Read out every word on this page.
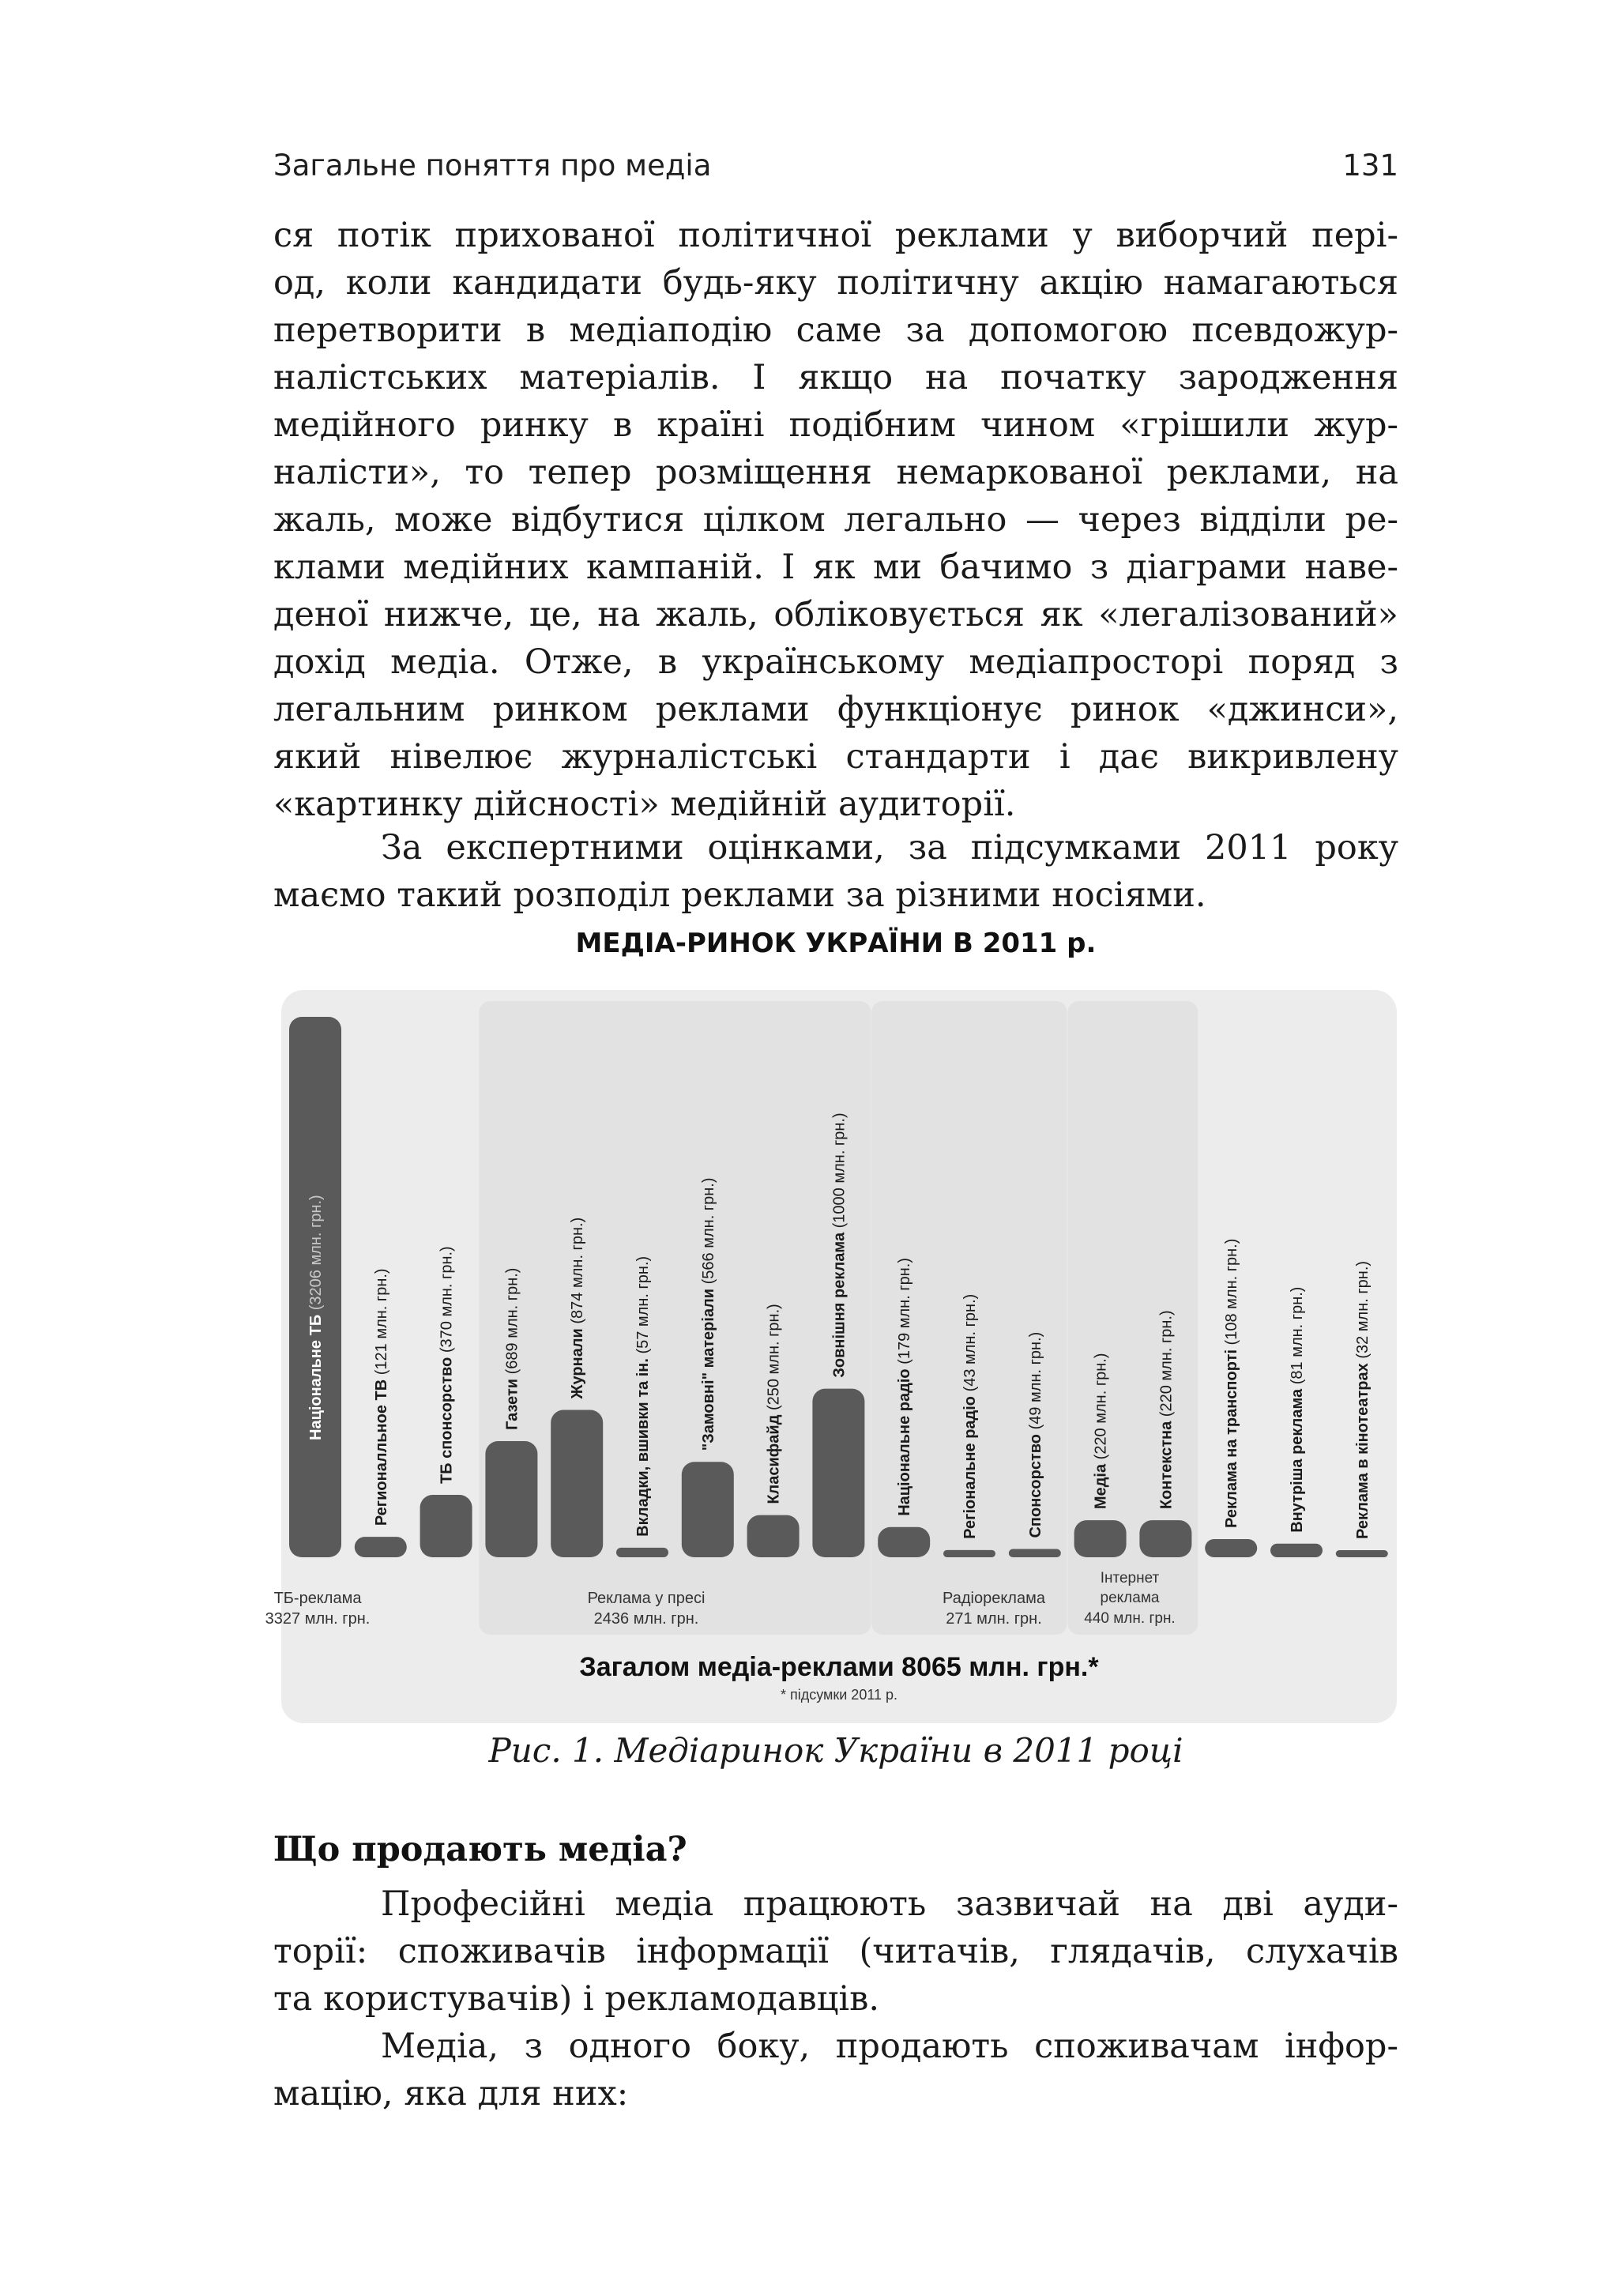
Загальне поняття про медіа	131
ся потік прихованої політичної реклами у виборчий пері-
од, коли кандидати будь-яку політичну акцію намагаються
перетворити в медіаподію саме за допомогою псевдожур-
налістських матеріалів. І якщо на початку зародження
медійного ринку в країні подібним чином «грішили жур-
налісти», то тепер розміщення немаркованої реклами, на
жаль, може відбутися цілком легально — через відділи ре-
клами медійних кампаній. І як ми бачимо з діаграми наве-
деної нижче, це, на жаль, обліковується як «легалізований»
дохід медіа. Отже, в українському медіапросторі поряд з
легальним ринком реклами функціонує ринок «джинси»,
який нівелює журналістські стандарти і дає викривлену
«картинку дійсності» медійній аудиторії.
За експертними оцінками, за підсумками 2011 року
маємо такий розподіл реклами за різними носіями.
МЕДІА-РИНОК УКРАЇНИ В 2011 р.
Національне ТБ (3206 млн. грн.)
Регионалльное ТВ (121 млн. грн.)
ТБ спонсорство (370 млн. грн.)
Газети (689 млн. грн.)	Журнали (874 млн. грн.)
Вкладки, вшивки та ін. (57 млн. грн.)	"Замовні" матеріали (566 млн. грн.)
Класифайд (250 млн. грн.)	Зовнішня реклама (1000 млн. грн.)
Національне радіо (179 млн. грн.)
Регіональне радіо (43 млн. грн.)
Спонсорство (49 млн. грн.)
Медіа (220 млн. грн.)
Контекстна (220 млн. грн.)	Реклама на транспорті (108 млн. грн.)
Внутріша реклама (81 млн. грн.)
Реклама в кінотеатрах (32 млн. грн.)
ТБ-реклама
3327 млн. грн.
Реклама у пресі
2436 млн. грн.
Радіореклама
271 млн. грн.
Інтернет
реклама
440 млн. грн.
Загалом медіа-реклами 8065 млн. грн.*
* підсумки 2011 р.
Рис. 1. Медіаринок України в 2011 році
Що продають медіа?
Професійні медіа працюють зазвичай на дві ауди-
торії: споживачів інформації (читачів, глядачів, слухачів
та користувачів) і рекламодавців.
Медіа, з одного боку, продають споживачам інфор-
мацію, яка для них:
